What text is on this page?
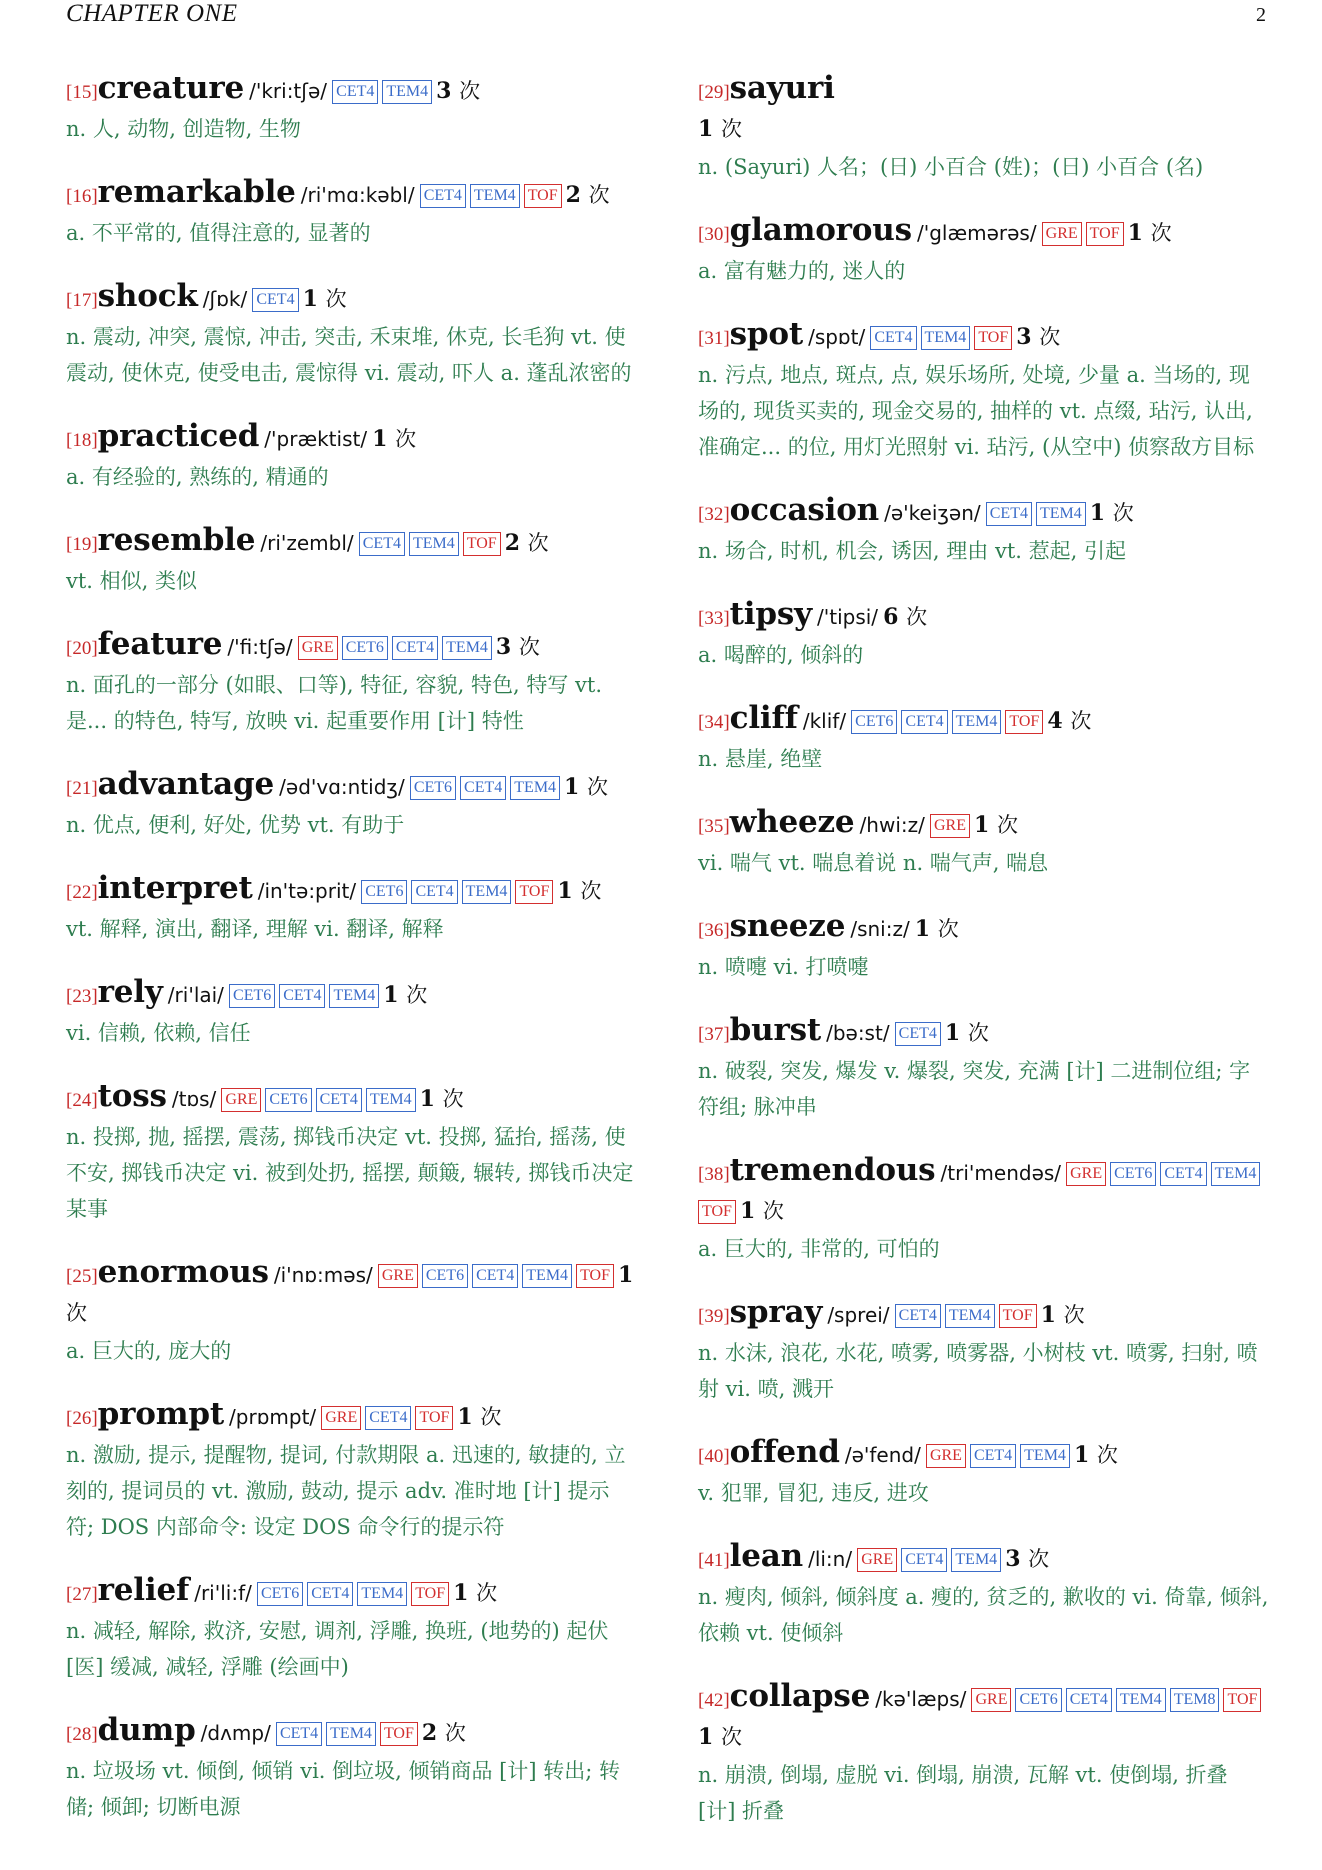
CHAPTER ONE	2
[15]creature /'kri:tʃə/ CET4 TEM4 3 次
n. 人, 动物, 创造物, 生物
[16]remarkable /ri'mɑ:kəbl/ CET4 TEM4 TOF 2 次
a. 不平常的, 值得注意的, 显著的
[17]shock /ʃɒk/ CET4 1 次
n. 震动, 冲突, 震惊, 冲击, 突击, 禾束堆, 休克, 长毛狗 vt. 使震动, 使休克, 使受电击, 震惊得 vi. 震动, 吓人 a. 蓬乱浓密的
[18]practiced /'præktist/ 1 次
a. 有经验的, 熟练的, 精通的
[19]resemble /ri'zembl/ CET4 TEM4 TOF 2 次
vt. 相似, 类似
[20]feature /'fi:tʃə/ GRE CET6 CET4 TEM4 3 次
n. 面孔的一部分 (如眼、口等), 特征, 容貌, 特色, 特写 vt. 是... 的特色, 特写, 放映 vi. 起重要作用 [计] 特性
[21]advantage /əd'vɑ:ntidʒ/ CET6 CET4 TEM4 1 次
n. 优点, 便利, 好处, 优势 vt. 有助于
[22]interpret /in'tə:prit/ CET6 CET4 TEM4 TOF 1 次
vt. 解释, 演出, 翻译, 理解 vi. 翻译, 解释
[23]rely /ri'lai/ CET6 CET4 TEM4 1 次
vi. 信赖, 依赖, 信任
[24]toss /tɒs/ GRE CET6 CET4 TEM4 1 次
n. 投掷, 抛, 摇摆, 震荡, 掷钱币决定 vt. 投掷, 猛抬, 摇荡, 使不安, 掷钱币决定 vi. 被到处扔, 摇摆, 颠簸, 辗转, 掷钱币决定某事
[25]enormous /i'nɒ:məs/ GRE CET6 CET4 TEM4 TOF 1 次
a. 巨大的, 庞大的
[26]prompt /prɒmpt/ GRE CET4 TOF 1 次
n. 激励, 提示, 提醒物, 提词, 付款期限 a. 迅速的, 敏捷的, 立刻的, 提词员的 vt. 激励, 鼓动, 提示 adv. 准时地 [计] 提示符; DOS 内部命令: 设定 DOS 命令行的提示符
[27]relief /ri'li:f/ CET6 CET4 TEM4 TOF 1 次
n. 减轻, 解除, 救济, 安慰, 调剂, 浮雕, 换班, (地势的) 起伏 [医] 缓减, 减轻, 浮雕 (绘画中)
[28]dump /dʌmp/ CET4 TEM4 TOF 2 次
n. 垃圾场 vt. 倾倒, 倾销 vi. 倒垃圾, 倾销商品 [计] 转出; 转储; 倾卸; 切断电源
[29]sayuri
1 次
n. (Sayuri) 人名；(日) 小百合 (姓)；(日) 小百合 (名)
[30]glamorous /'glæmərəs/ GRE TOF 1 次
a. 富有魅力的, 迷人的
[31]spot /spɒt/ CET4 TEM4 TOF 3 次
n. 污点, 地点, 斑点, 点, 娱乐场所, 处境, 少量 a. 当场的, 现场的, 现货买卖的, 现金交易的, 抽样的 vt. 点缀, 玷污, 认出, 准确定... 的位, 用灯光照射 vi. 玷污, (从空中) 侦察敌方目标
[32]occasion /ə'keiʒən/ CET4 TEM4 1 次
n. 场合, 时机, 机会, 诱因, 理由 vt. 惹起, 引起
[33]tipsy /'tipsi/ 6 次
a. 喝醉的, 倾斜的
[34]cliff /klif/ CET6 CET4 TEM4 TOF 4 次
n. 悬崖, 绝壁
[35]wheeze /hwi:z/ GRE 1 次
vi. 喘气 vt. 喘息着说 n. 喘气声, 喘息
[36]sneeze /sni:z/ 1 次
n. 喷嚏 vi. 打喷嚏
[37]burst /bə:st/ CET4 1 次
n. 破裂, 突发, 爆发 v. 爆裂, 突发, 充满 [计] 二进制位组; 字符组; 脉冲串
[38]tremendous /tri'mendəs/ GRE CET6 CET4 TEM4TOF 1 次
a. 巨大的, 非常的, 可怕的
[39]spray /sprei/ CET4 TEM4 TOF 1 次
n. 水沫, 浪花, 水花, 喷雾, 喷雾器, 小树枝 vt. 喷雾, 扫射, 喷射 vi. 喷, 溅开
[40]offend /ə'fend/ GRE CET4 TEM4 1 次
v. 犯罪, 冒犯, 违反, 进攻
[41]lean /li:n/ GRE CET4 TEM4 3 次
n. 瘦肉, 倾斜, 倾斜度 a. 瘦的, 贫乏的, 歉收的 vi. 倚靠, 倾斜, 依赖 vt. 使倾斜
[42]collapse /kə'læps/ GRE CET6 CET4 TEM4 TEM8 TOF1 次
n. 崩溃, 倒塌, 虚脱 vi. 倒塌, 崩溃, 瓦解 vt. 使倒塌, 折叠 [计] 折叠
